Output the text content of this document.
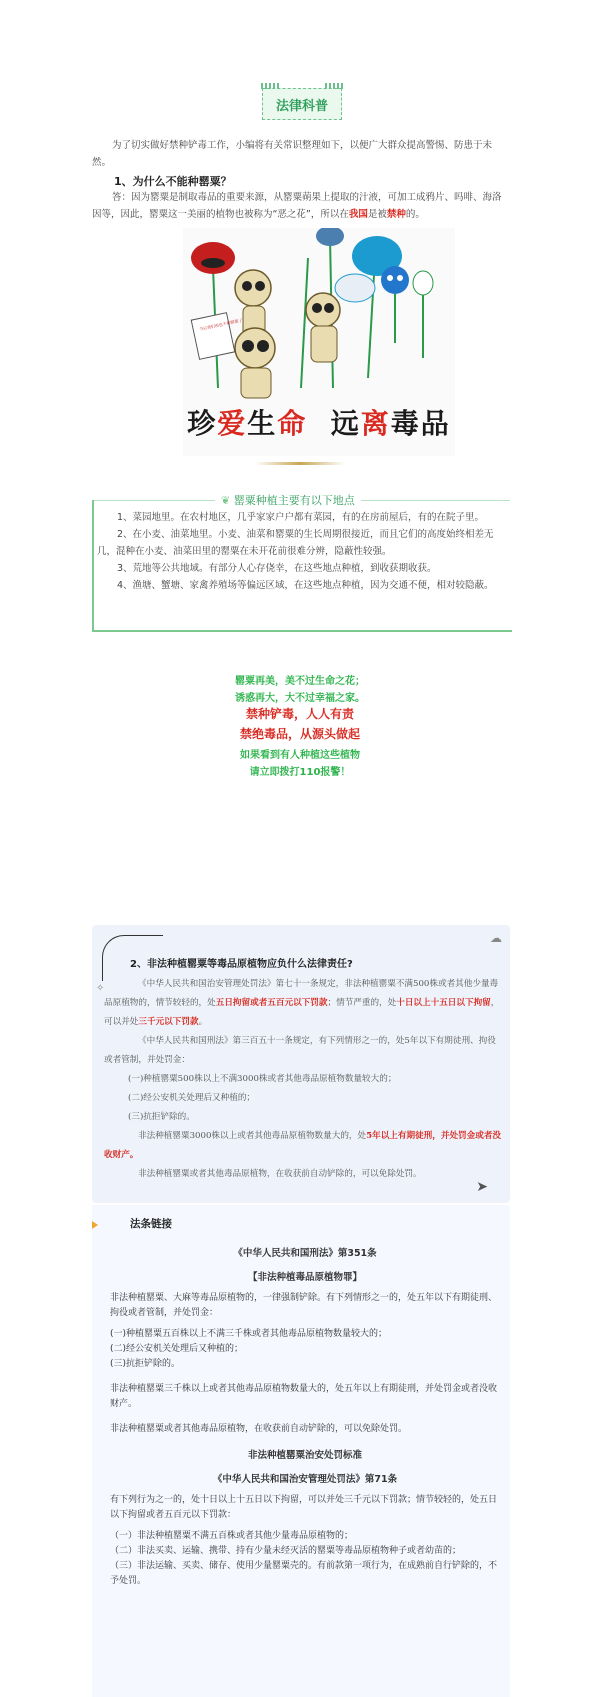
法律科普

为了切实做好禁种铲毒工作，小编将有关常识整理如下，以便广大群众提高警惕、防患于未然。

1、为什么不能种罂粟？

答：因为罂粟是制取毒品的重要来源，从罂粟蒴果上提取的汁液，可加工成鸦片、吗啡、海洛因等，因此，罂粟这一美丽的植物也被称为“恶之花”，所以在我国是被禁种的。

今后我们再也不种罂粟了
珍爱生命 远离毒品
❦ 罂粟种植主要有以下地点

1、菜园地里。在农村地区，几乎家家户户都有菜园，有的在房前屋后，有的在院子里。

2、在小麦、油菜地里。小麦、油菜和罂粟的生长周期很接近，而且它们的高度始终相差无几，混种在小麦、油菜田里的罂粟在未开花前很难分辨，隐蔽性较强。

3、荒地等公共地域。有部分人心存侥幸，在这些地点种植，到收获期收获。

4、渔塘、蟹塘、家禽养殖场等偏远区域，在这些地点种植，因为交通不便，相对较隐蔽。

罂粟再美，美不过生命之花；
诱惑再大，大不过幸福之家。
禁种铲毒，人人有责
禁绝毒品，从源头做起
如果看到有人种植这些植物
请立即拨打110报警！
☁
✧
2、非法种植罂粟等毒品原植物应负什么法律责任?

《中华人民共和国治安管理处罚法》第七十一条规定，非法种植罂粟不满500株或者其他少量毒品原植物的，情节较轻的，处五日拘留或者五百元以下罚款；情节严重的，处十日以上十五日以下拘留，可以并处三千元以下罚款。

《中华人民共和国刑法》第三百五十一条规定，有下列情形之一的，处5年以下有期徒刑、拘役或者管制，并处罚金：

(一)种植罂粟500株以上不满3000株或者其他毒品原植物数量较大的；

(二)经公安机关处理后又种植的；

(三)抗拒铲除的。

非法种植罂粟3000株以上或者其他毒品原植物数量大的，处5年以上有期徒刑，并处罚金或者没收财产。

非法种植罂粟或者其他毒品原植物，在收获前自动铲除的，可以免除处罚。

➤
法条链接
《中华人民共和国刑法》第351条
【非法种植毒品原植物罪】

非法种植罂粟、大麻等毒品原植物的，一律强制铲除。有下列情形之一的，处五年以下有期徒刑、拘役或者管制，并处罚金：

(一)种植罂粟五百株以上不满三千株或者其他毒品原植物数量较大的；

(二)经公安机关处理后又种植的；

(三)抗拒铲除的。

非法种植罂粟三千株以上或者其他毒品原植物数量大的，处五年以上有期徒刑，并处罚金或者没收财产。

非法种植罂粟或者其他毒品原植物，在收获前自动铲除的，可以免除处罚。

非法种植罂粟治安处罚标准
《中华人民共和国治安管理处罚法》第71条

有下列行为之一的，处十日以上十五日以下拘留，可以并处三千元以下罚款；情节较轻的，处五日以下拘留或者五百元以下罚款：

（一）非法种植罂粟不满五百株或者其他少量毒品原植物的；

（二）非法买卖、运输、携带、持有少量未经灭活的罂粟等毒品原植物种子或者幼苗的；

（三）非法运输、买卖、储存、使用少量罂粟壳的。有前款第一项行为，在成熟前自行铲除的，不予处罚。
